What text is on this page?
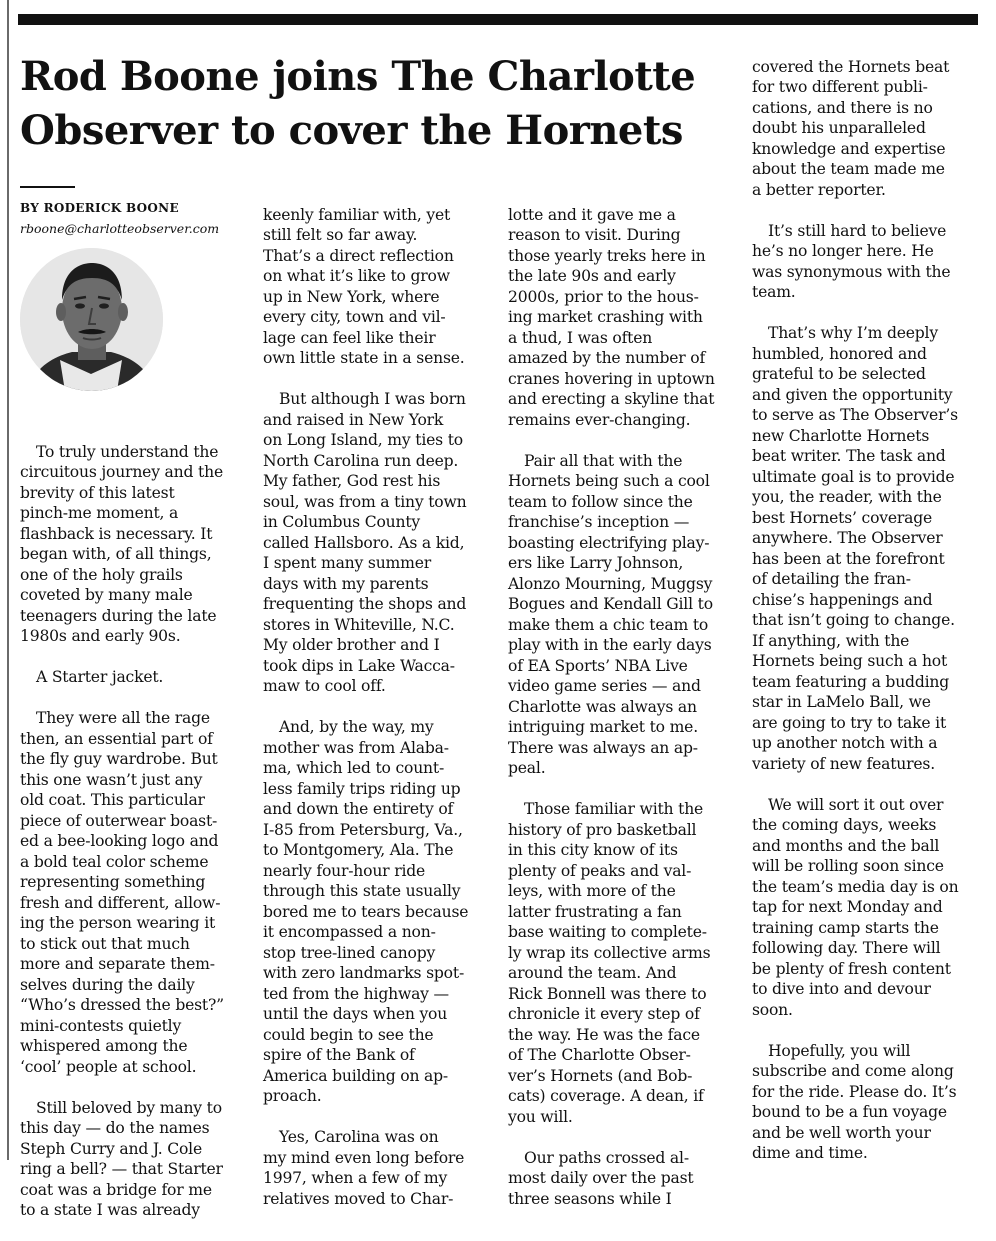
Rod Boone joins The Charlotte
Observer to cover the Hornets
BY RODERICK BOONE
rboone@charlotteobserver.com

To truly understand the
circuitous journey and the
brevity of this latest
pinch-me moment, a
flashback is necessary. It
began with, of all things,
one of the holy grails
coveted by many male
teenagers during the late
1980s and early 90s.

A Starter jacket.

They were all the rage
then, an essential part of
the fly guy wardrobe. But
this one wasn’t just any
old coat. This particular
piece of outerwear boast-
ed a bee-looking logo and
a bold teal color scheme
representing something
fresh and different, allow-
ing the person wearing it
to stick out that much
more and separate them-
selves during the daily
“Who’s dressed the best?”
mini-contests quietly
whispered among the
‘cool’ people at school.

Still beloved by many to
this day — do the names
Steph Curry and J. Cole
ring a bell? — that Starter
coat was a bridge for me
to a state I was already

keenly familiar with, yet
still felt so far away.
That’s a direct reflection
on what it’s like to grow
up in New York, where
every city, town and vil-
lage can feel like their
own little state in a sense.

But although I was born
and raised in New York
on Long Island, my ties to
North Carolina run deep.
My father, God rest his
soul, was from a tiny town
in Columbus County
called Hallsboro. As a kid,
I spent many summer
days with my parents
frequenting the shops and
stores in Whiteville, N.C.
My older brother and I
took dips in Lake Wacca-
maw to cool off.

And, by the way, my
mother was from Alaba-
ma, which led to count-
less family trips riding up
and down the entirety of
I-85 from Petersburg, Va.,
to Montgomery, Ala. The
nearly four-hour ride
through this state usually
bored me to tears because
it encompassed a non-
stop tree-lined canopy
with zero landmarks spot-
ted from the highway —
until the days when you
could begin to see the
spire of the Bank of
America building on ap-
proach.

Yes, Carolina was on
my mind even long before
1997, when a few of my
relatives moved to Char-

lotte and it gave me a
reason to visit. During
those yearly treks here in
the late 90s and early
2000s, prior to the hous-
ing market crashing with
a thud, I was often
amazed by the number of
cranes hovering in uptown
and erecting a skyline that
remains ever-changing.

Pair all that with the
Hornets being such a cool
team to follow since the
franchise’s inception —
boasting electrifying play-
ers like Larry Johnson,
Alonzo Mourning, Muggsy
Bogues and Kendall Gill to
make them a chic team to
play with in the early days
of EA Sports’ NBA Live
video game series — and
Charlotte was always an
intriguing market to me.
There was always an ap-
peal.

Those familiar with the
history of pro basketball
in this city know of its
plenty of peaks and val-
leys, with more of the
latter frustrating a fan
base waiting to complete-
ly wrap its collective arms
around the team. And
Rick Bonnell was there to
chronicle it every step of
the way. He was the face
of The Charlotte Obser-
ver’s Hornets (and Bob-
cats) coverage. A dean, if
you will.

Our paths crossed al-
most daily over the past
three seasons while I

covered the Hornets beat
for two different publi-
cations, and there is no
doubt his unparalleled
knowledge and expertise
about the team made me
a better reporter.

It’s still hard to believe
he’s no longer here. He
was synonymous with the
team.

That’s why I’m deeply
humbled, honored and
grateful to be selected
and given the opportunity
to serve as The Observer’s
new Charlotte Hornets
beat writer. The task and
ultimate goal is to provide
you, the reader, with the
best Hornets’ coverage
anywhere. The Observer
has been at the forefront
of detailing the fran-
chise’s happenings and
that isn’t going to change.
If anything, with the
Hornets being such a hot
team featuring a budding
star in LaMelo Ball, we
are going to try to take it
up another notch with a
variety of new features.

We will sort it out over
the coming days, weeks
and months and the ball
will be rolling soon since
the team’s media day is on
tap for next Monday and
training camp starts the
following day. There will
be plenty of fresh content
to dive into and devour
soon.

Hopefully, you will
subscribe and come along
for the ride. Please do. It’s
bound to be a fun voyage
and be well worth your
dime and time.
